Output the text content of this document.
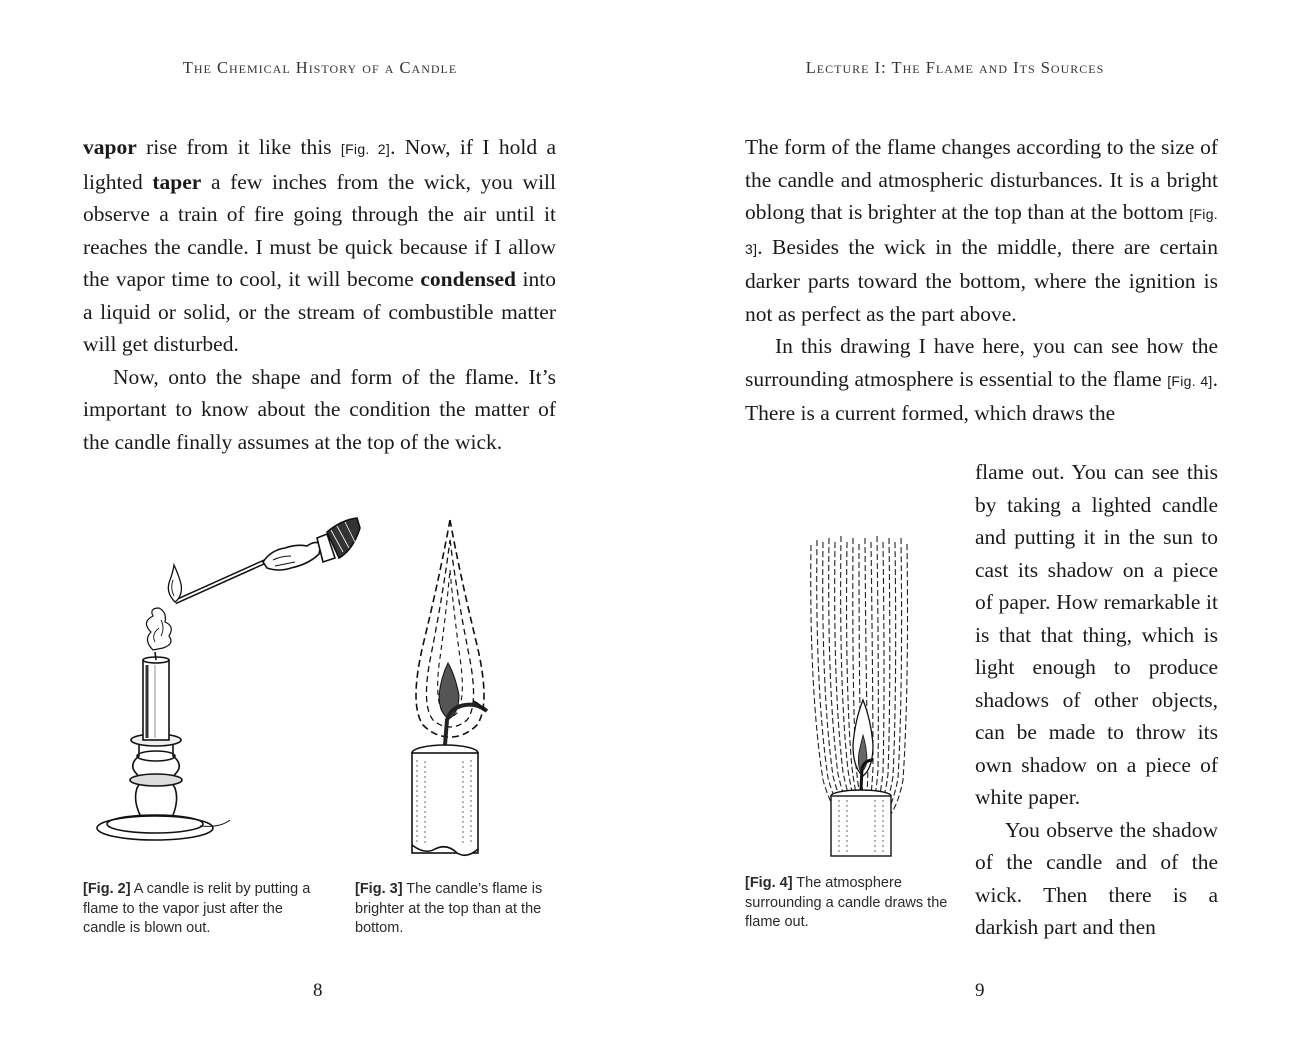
The Chemical History of a Candle

vapor rise from it like this [Fig. 2]. Now, if I hold a lighted taper a few inches from the wick, you will observe a train of fire going through the air until it reaches the candle. I must be quick because if I allow the vapor time to cool, it will become condensed into a liquid or solid, or the stream of combustible matter will get disturbed.

Now, onto the shape and form of the flame. It’s important to know about the condition the matter of the candle finally assumes at the top of the wick.

[Fig. 2] A candle is relit by putting a flame to the vapor just after the candle is blown out.
[Fig. 3] The candle’s flame is brighter at the top than at the bottom.
8
Lecture I: The Flame and Its Sources

The form of the flame changes according to the size of the candle and atmospheric disturbances. It is a bright oblong that is brighter at the top than at the bottom [Fig. 3]. Besides the wick in the middle, there are certain darker parts toward the bottom, where the ignition is not as perfect as the part above.

In this drawing I have here, you can see how the surrounding atmosphere is essential to the flame [Fig. 4]. There is a current formed, which draws the

flame out. You can see this by taking a lighted candle and putting it in the sun to cast its shadow on a piece of paper. How remarkable it is that that thing, which is light enough to produce shadows of other objects, can be made to throw its own shadow on a piece of white paper.

You observe the shadow of the candle and of the wick. Then there is a darkish part and then

[Fig. 4] The atmosphere surrounding a candle draws the flame out.
9
